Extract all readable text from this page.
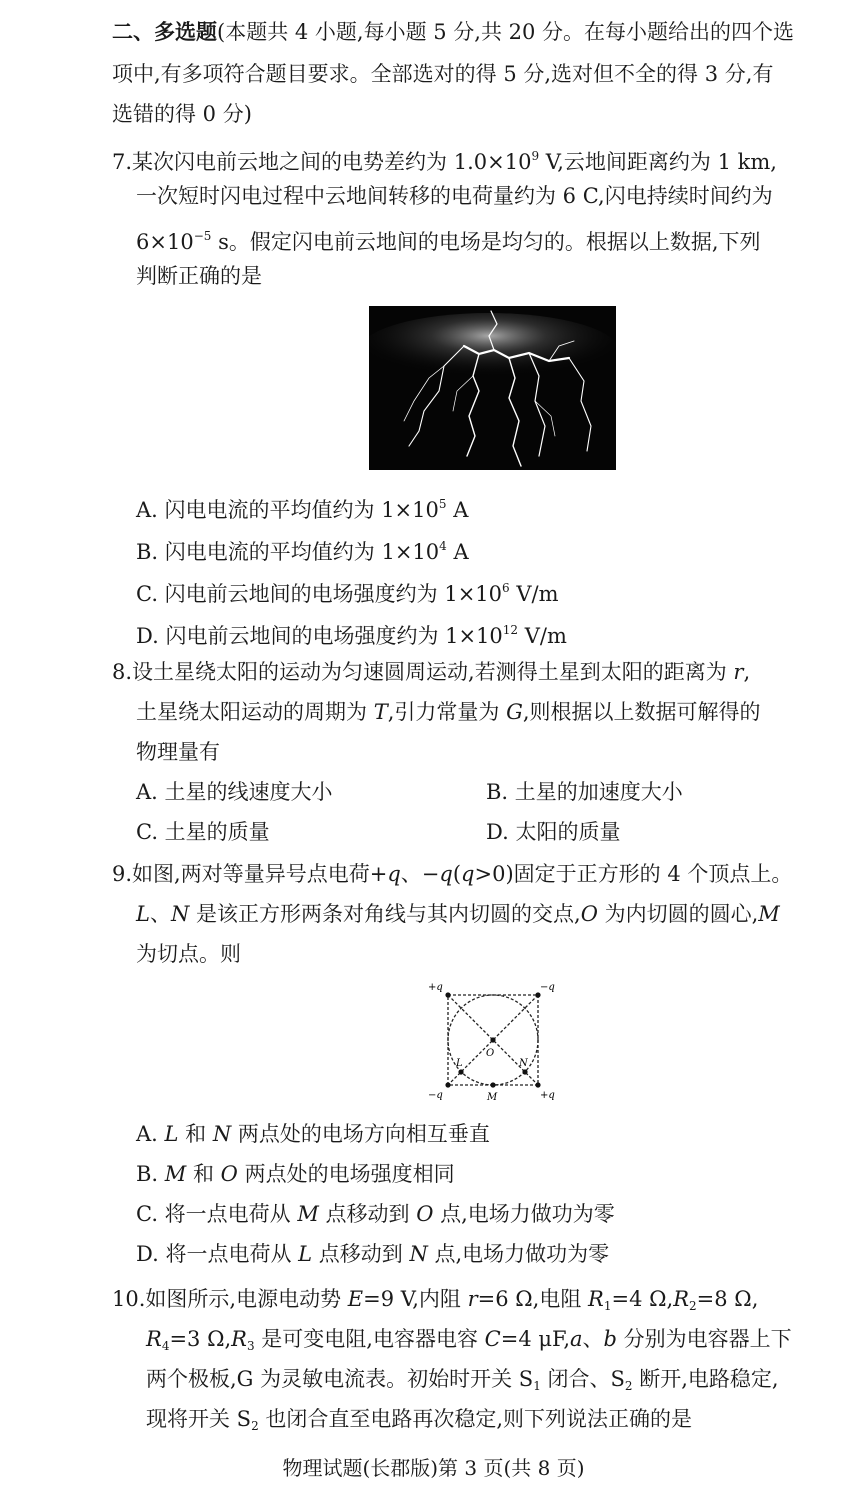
二、多选题(本题共 4 小题,每小题 5 分,共 20 分。在每小题给出的四个选
项中,有多项符合题目要求。全部选对的得 5 分,选对但不全的得 3 分,有
选错的得 0 分)
7.某次闪电前云地之间的电势差约为 $1.0\times 10^9$ V,云地间距离约为 1 km,
一次短时闪电过程中云地间转移的电荷量约为 6 C,闪电持续时间约为
$6\times 10^{-5}$ s。假定闪电前云地间的电场是均匀的。根据以上数据,下列
判断正确的是
A. 闪电电流的平均值约为 $1\times 10^5$ A
B. 闪电电流的平均值约为 $1\times 10^4$ A
C. 闪电前云地间的电场强度约为 $1\times 10^6$ V/m
D. 闪电前云地间的电场强度约为 $1\times 10^{12}$ V/m
8.设土星绕太阳的运动为匀速圆周运动,若测得土星到太阳的距离为 r,
土星绕太阳运动的周期为 T,引力常量为 G,则根据以上数据可解得的
物理量有
A. 土星的线速度大小	B. 土星的加速度大小
C. 土星的质量	D. 太阳的质量
9.如图,两对等量异号点电荷+q、−q(q>0)固定于正方形的 4 个顶点上。
L、N 是该正方形两条对角线与其内切圆的交点,O 为内切圆的圆心,M
为切点。则
+q	−q
−q	+q
L	N
O
M
A. L 和 N 两点处的电场方向相互垂直
B. M 和 O 两点处的电场强度相同
C. 将一点电荷从 M 点移动到 O 点,电场力做功为零
D. 将一点电荷从 L 点移动到 N 点,电场力做功为零
10.如图所示,电源电动势 E=9 V,内阻 r=6 Ω,电阻 $R_1=4$ $\Omega,R_2=8$ Ω,
$R_4=3$ $\Omega,R_3$ 是可变电阻,电容器电容 C=4 μF,a、b 分别为电容器上下
两个极板,G 为灵敏电流表。初始时开关 $S_1$ 闭合、$S_2$ 断开,电路稳定,
现将开关 $S_2$ 也闭合直至电路再次稳定,则下列说法正确的是
物理试题(长郡版)第 3 页(共 8 页)
